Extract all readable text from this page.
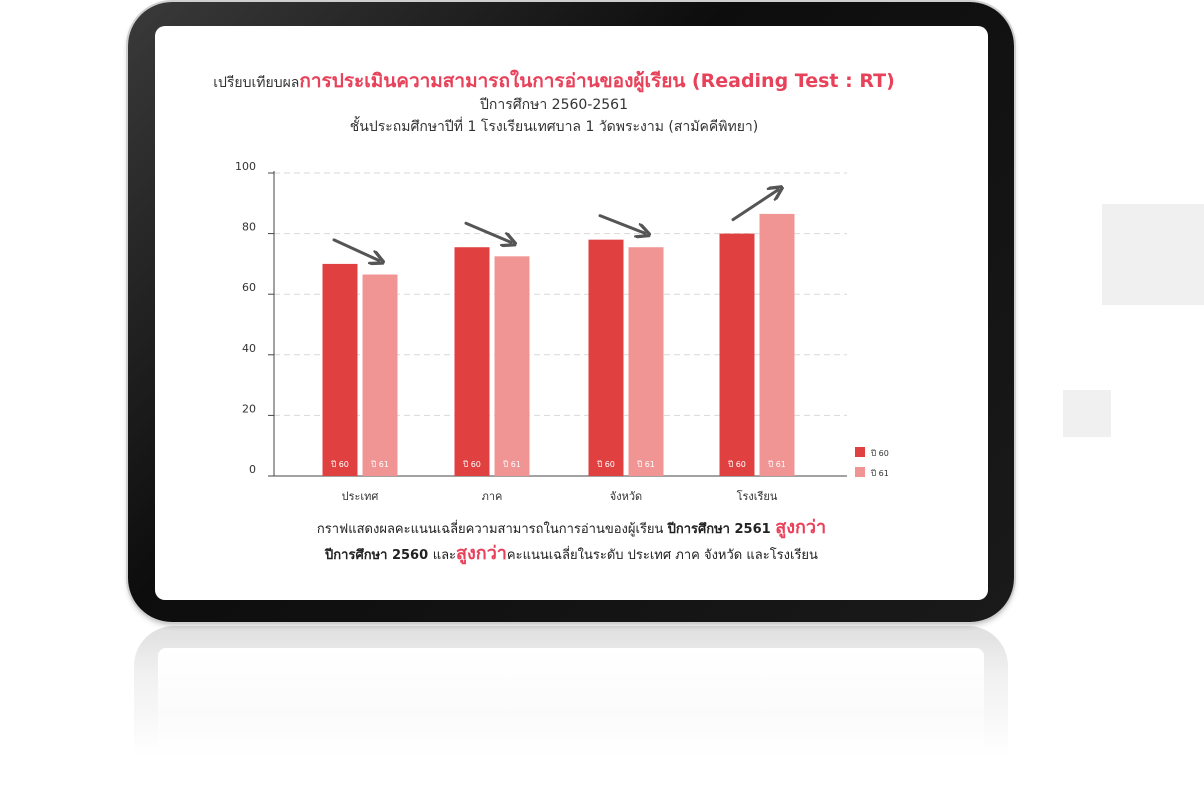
เปรียบเทียบผลการประเมินความสามารถในการอ่านของผู้เรียน (Reading Test : RT)
ปีการศึกษา 2560-2561
ชั้นประถมศึกษาปีที่ 1 โรงเรียนเทศบาล 1 วัดพระงาม (สามัคคีพิทยา)
0
20
40
60
80
100
ปี 60	ปี 61
ประเทศ
ปี 60	ปี 61
ภาค
ปี 60	ปี 61
จังหวัด
ปี 60	ปี 61
โรงเรียน
ปี 60
ปี 61
กราฟแสดงผลคะแนนเฉลี่ยความสามารถในการอ่านของผู้เรียน ปีการศึกษา 2561 สูงกว่า
ปีการศึกษา 2560 และสูงกว่าคะแนนเฉลี่ยในระดับ ประเทศ ภาค จังหวัด และโรงเรียน
